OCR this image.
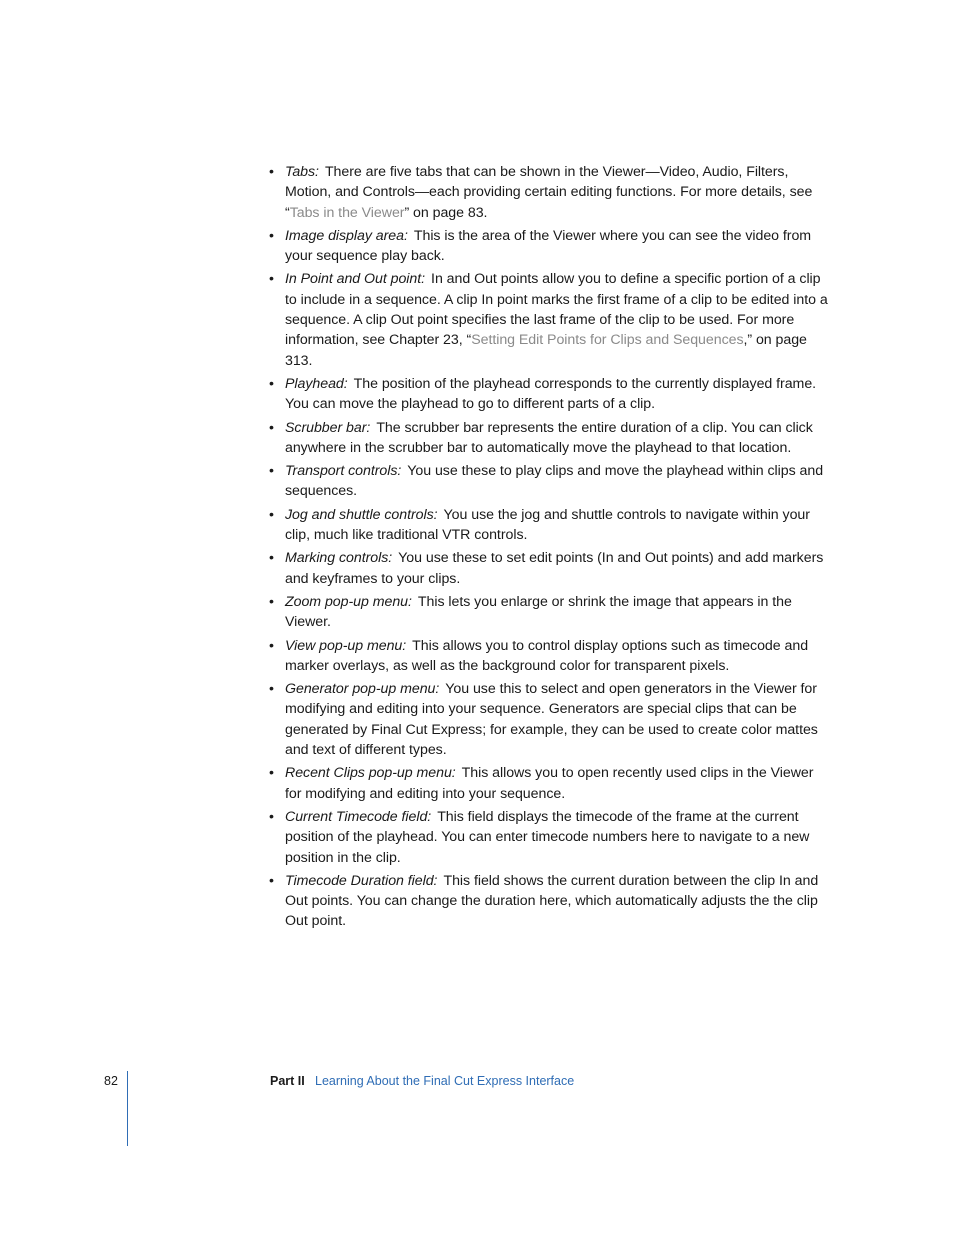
• Tabs: There are five tabs that can be shown in the Viewer—Video, Audio, Filters, Motion, and Controls—each providing certain editing functions. For more details, see “Tabs in the Viewer” on page 83.
• Image display area: This is the area of the Viewer where you can see the video from your sequence play back.
• In Point and Out point: In and Out points allow you to define a specific portion of a clip to include in a sequence. A clip In point marks the first frame of a clip to be edited into a sequence. A clip Out point specifies the last frame of the clip to be used. For more information, see Chapter 23, “Setting Edit Points for Clips and Sequences,” on page 313.
• Playhead: The position of the playhead corresponds to the currently displayed frame. You can move the playhead to go to different parts of a clip.
• Scrubber bar: The scrubber bar represents the entire duration of a clip. You can click anywhere in the scrubber bar to automatically move the playhead to that location.
• Transport controls: You use these to play clips and move the playhead within clips and sequences.
• Jog and shuttle controls: You use the jog and shuttle controls to navigate within your clip, much like traditional VTR controls.
• Marking controls: You use these to set edit points (In and Out points) and add markers and keyframes to your clips.
• Zoom pop-up menu: This lets you enlarge or shrink the image that appears in the Viewer.
• View pop-up menu: This allows you to control display options such as timecode and marker overlays, as well as the background color for transparent pixels.
• Generator pop-up menu: You use this to select and open generators in the Viewer for modifying and editing into your sequence. Generators are special clips that can be generated by Final Cut Express; for example, they can be used to create color mattes and text of different types.
• Recent Clips pop-up menu: This allows you to open recently used clips in the Viewer for modifying and editing into your sequence.
• Current Timecode field: This field displays the timecode of the frame at the current position of the playhead. You can enter timecode numbers here to navigate to a new position in the clip.
• Timecode Duration field: This field shows the current duration between the clip In and Out points. You can change the duration here, which automatically adjusts the the clip Out point.
82	Part II Learning About the Final Cut Express Interface
